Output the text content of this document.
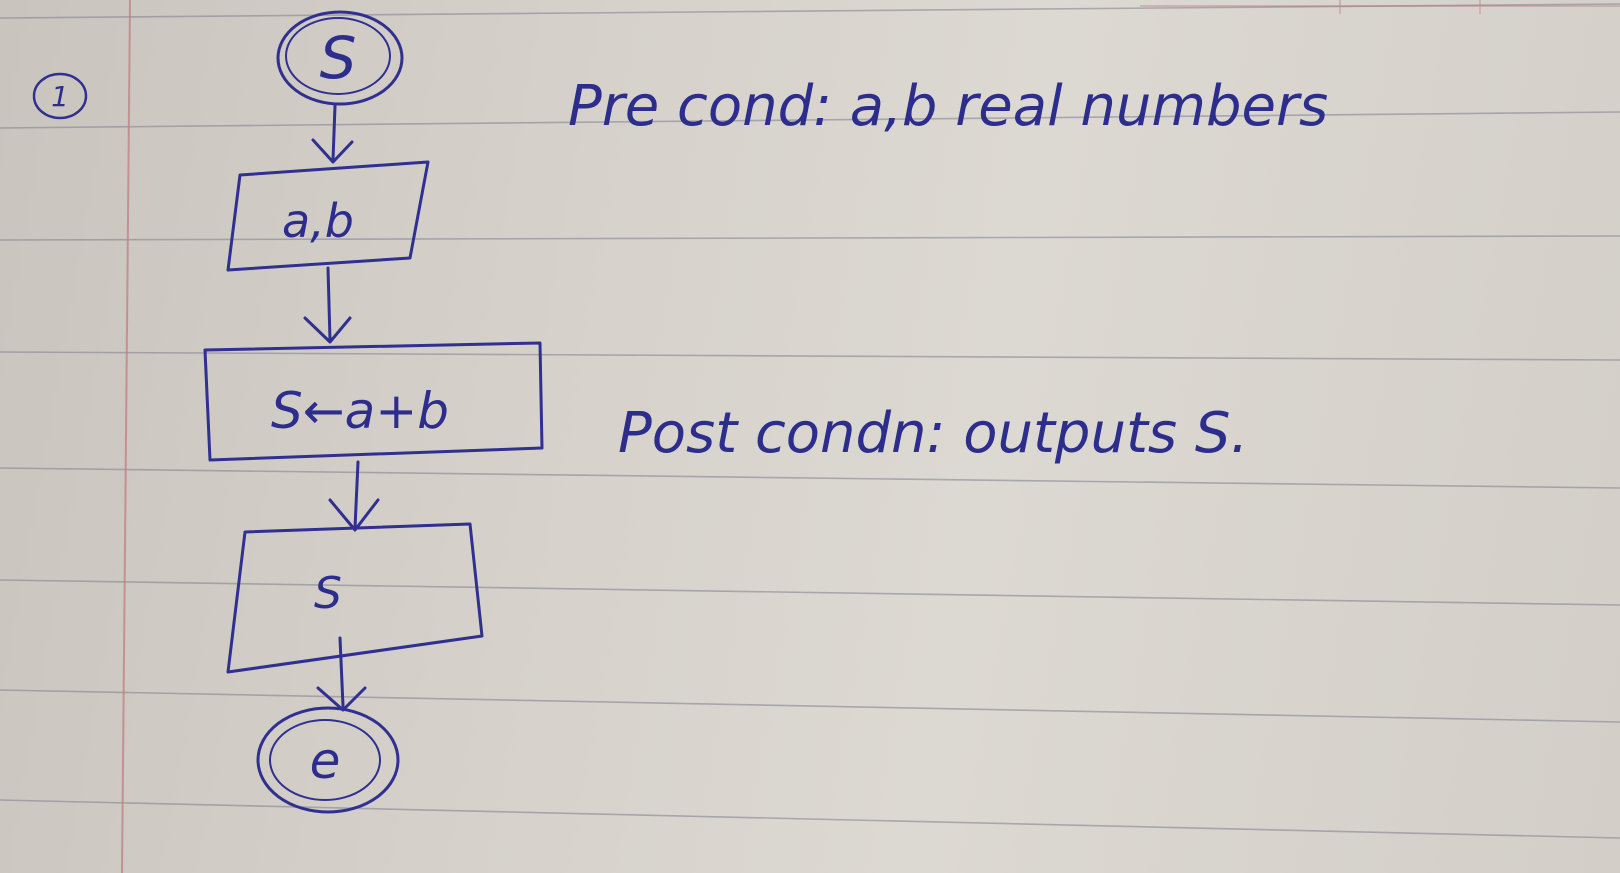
1
S
a,b
S←a+b
S
e
Pre cond: a,b real numbers
Post condn: outputs S.
